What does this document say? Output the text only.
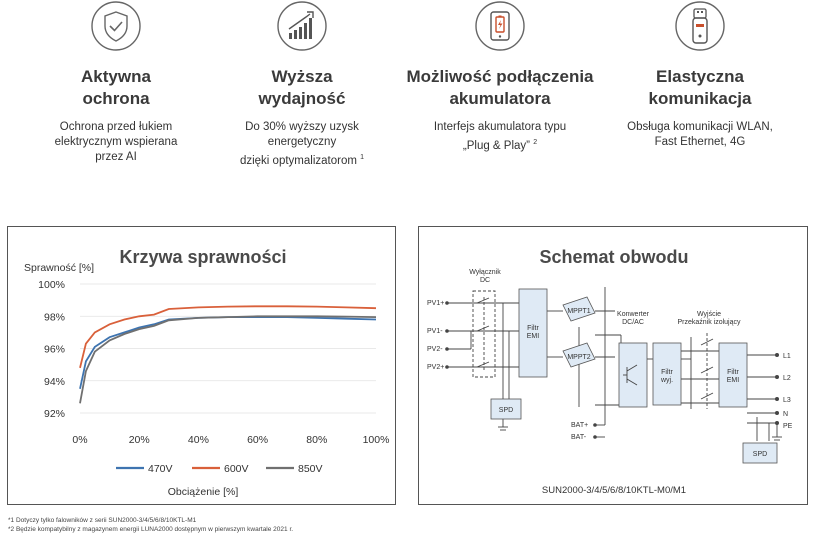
Aktywna
ochrona

Ochrona przed łukiem
elektrycznym wspierana
przez AI

Wyższa
wydajność

Do 30% wyższy uzysk
energetyczny
dzięki optymalizatorom $^1$

Możliwość podłączenia
akumulatora

Interfejs akumulatora typu
„Plug & Play” $^2$

Elastyczna
komunikacja

Obsługa komunikacji WLAN,
Fast Ethernet, 4G

Krzywa sprawności
Sprawność [%]
92%
94%
96%
98%
100%
0%	20%	40%	60%	80%	100%
470V	600V	850V
Obciążenie [%]
Schemat obwodu
Wyłącznik
DC
PV1+
PV1-
PV2-
PV2+
Filtr
EMI
SPD
MPPT1
MPPT2
Konwerter
DC/AC
Wyjście
Przekaźnik izolujący
Filtr
wyj.
Filtr
EMI
SPD
BAT+
BAT-
L1
L2
L3
N
PE
SUN2000-3/4/5/6/8/10KTL-M0/M1
*1 Dotyczy tylko falowników z serii SUN2000-3/4/5/6/8/10KTL-M1
*2 Będzie kompatybilny z magazynem energii LUNA2000 dostępnym w pierwszym kwartale 2021 r.
